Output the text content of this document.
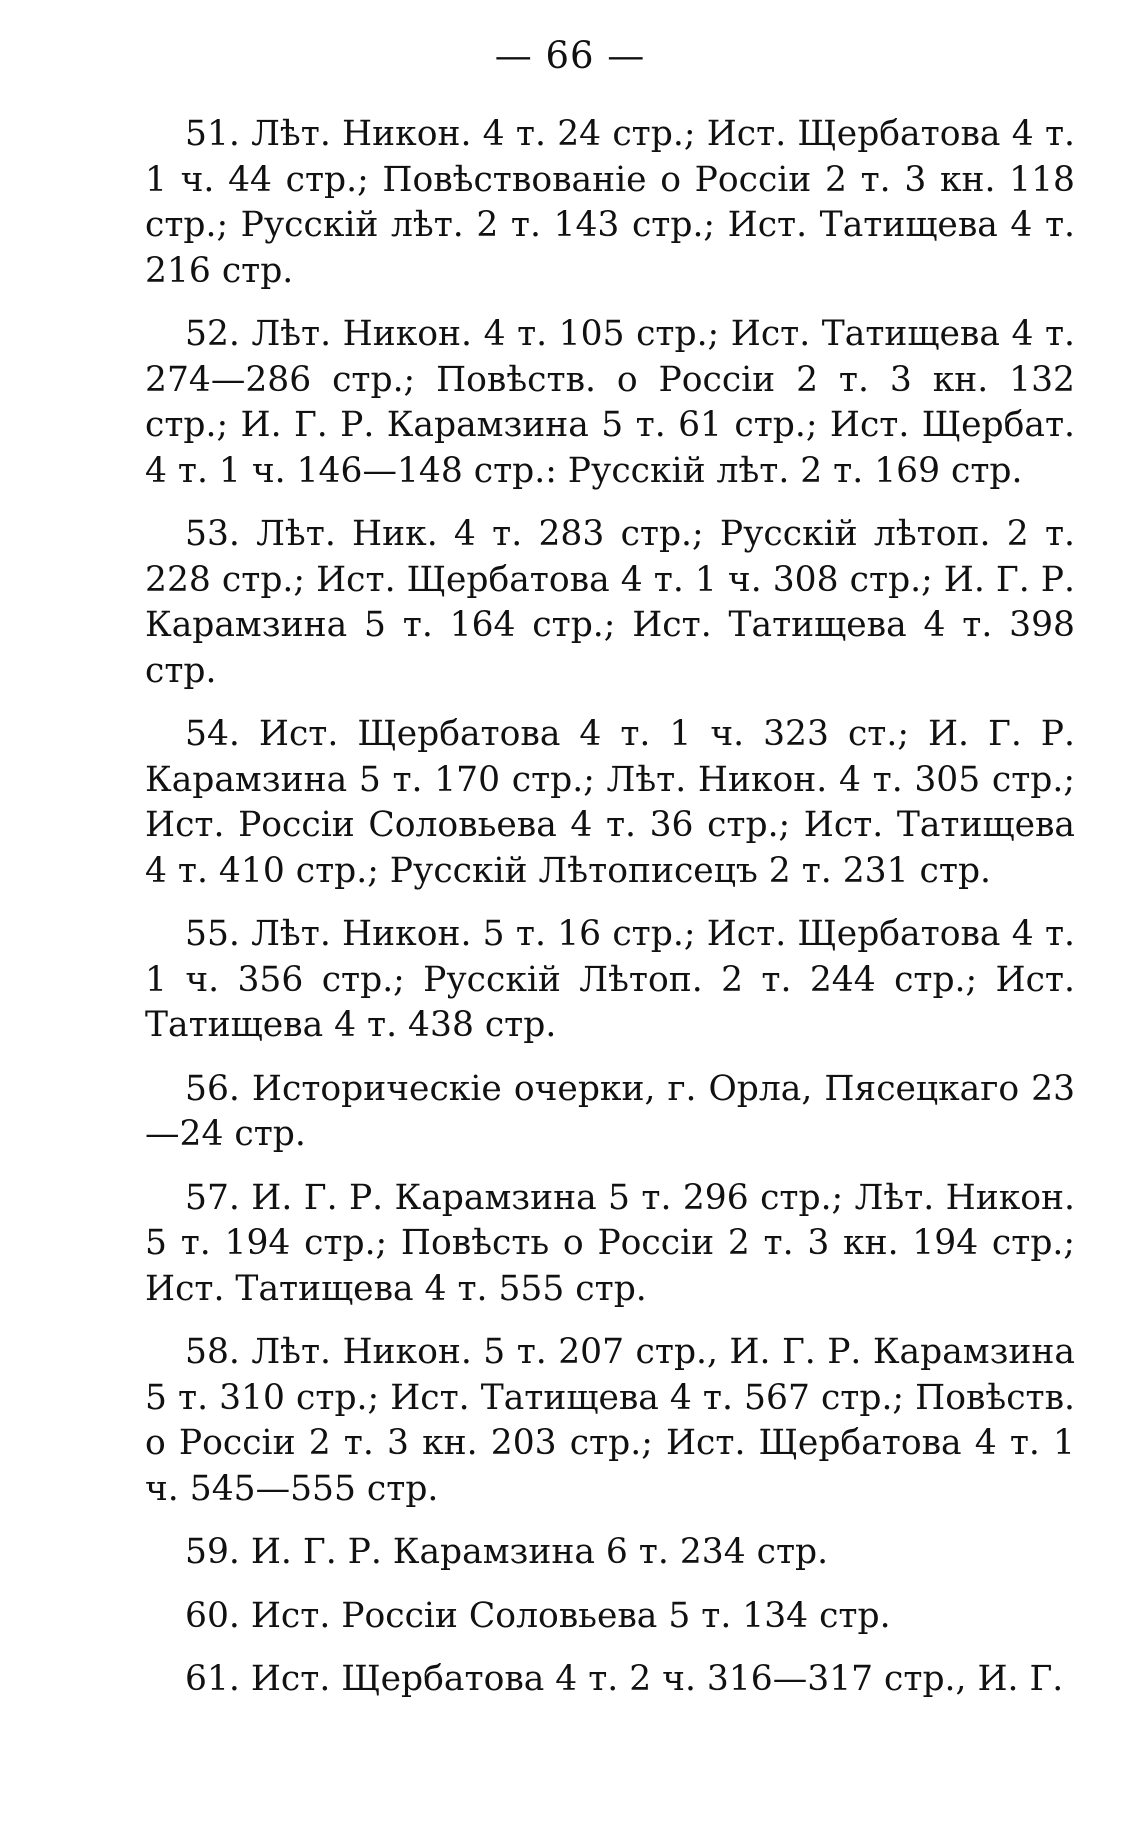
— 66 —

51. Лѣт. Никон. 4 т. 24 стр.; Ист. Щербатова 4 т. 1 ч. 44 стр.; Повѣствованіе о Россіи 2 т. 3 кн. 118 стр.; Русскій лѣт. 2 т. 143 стр.; Ист. Татищева 4 т. 216 стр.

52. Лѣт. Никон. 4 т. 105 стр.; Ист. Татищева 4 т. 274—286 стр.; Повѣств. о Россіи 2 т. 3 кн. 132 стр.; И. Г. Р. Карамзина 5 т. 61 стр.; Ист. Щербат. 4 т. 1 ч. 146—148 стр.: Русскій лѣт. 2 т. 169 стр.

53. Лѣт. Ник. 4 т. 283 стр.; Русскій лѣтоп. 2 т. 228 стр.; Ист. Щербатова 4 т. 1 ч. 308 стр.; И. Г. Р. Карамзина 5 т. 164 стр.; Ист. Татищева 4 т. 398 стр.

54. Ист. Щербатова 4 т. 1 ч. 323 ст.; И. Г. Р. Карамзина 5 т. 170 стр.; Лѣт. Никон. 4 т. 305 стр.; Ист. Россіи Соловьева 4 т. 36 стр.; Ист. Татищева 4 т. 410 стр.; Русскій Лѣтописецъ 2 т. 231 стр.

55. Лѣт. Никон. 5 т. 16 стр.; Ист. Щербатова 4 т. 1 ч. 356 стр.; Русскій Лѣтоп. 2 т. 244 стр.; Ист. Татищева 4 т. 438 стр.

56. Историческіе очерки, г. Орла, Пясецкаго 23—24 стр.

57. И. Г. Р. Карамзина 5 т. 296 стр.; Лѣт. Никон. 5 т. 194 стр.; Повѣсть о Россіи 2 т. 3 кн. 194 стр.; Ист. Татищева 4 т. 555 стр.

58. Лѣт. Никон. 5 т. 207 стр., И. Г. Р. Карамзина 5 т. 310 стр.; Ист. Татищева 4 т. 567 стр.; Повѣств. о Россіи 2 т. 3 кн. 203 стр.; Ист. Щербатова 4 т. 1 ч. 545—555 стр.

59. И. Г. Р. Карамзина 6 т. 234 стр.

60. Ист. Россіи Соловьева 5 т. 134 стр.

61. Ист. Щербатова 4 т. 2 ч. 316—317 стр., И. Г.
